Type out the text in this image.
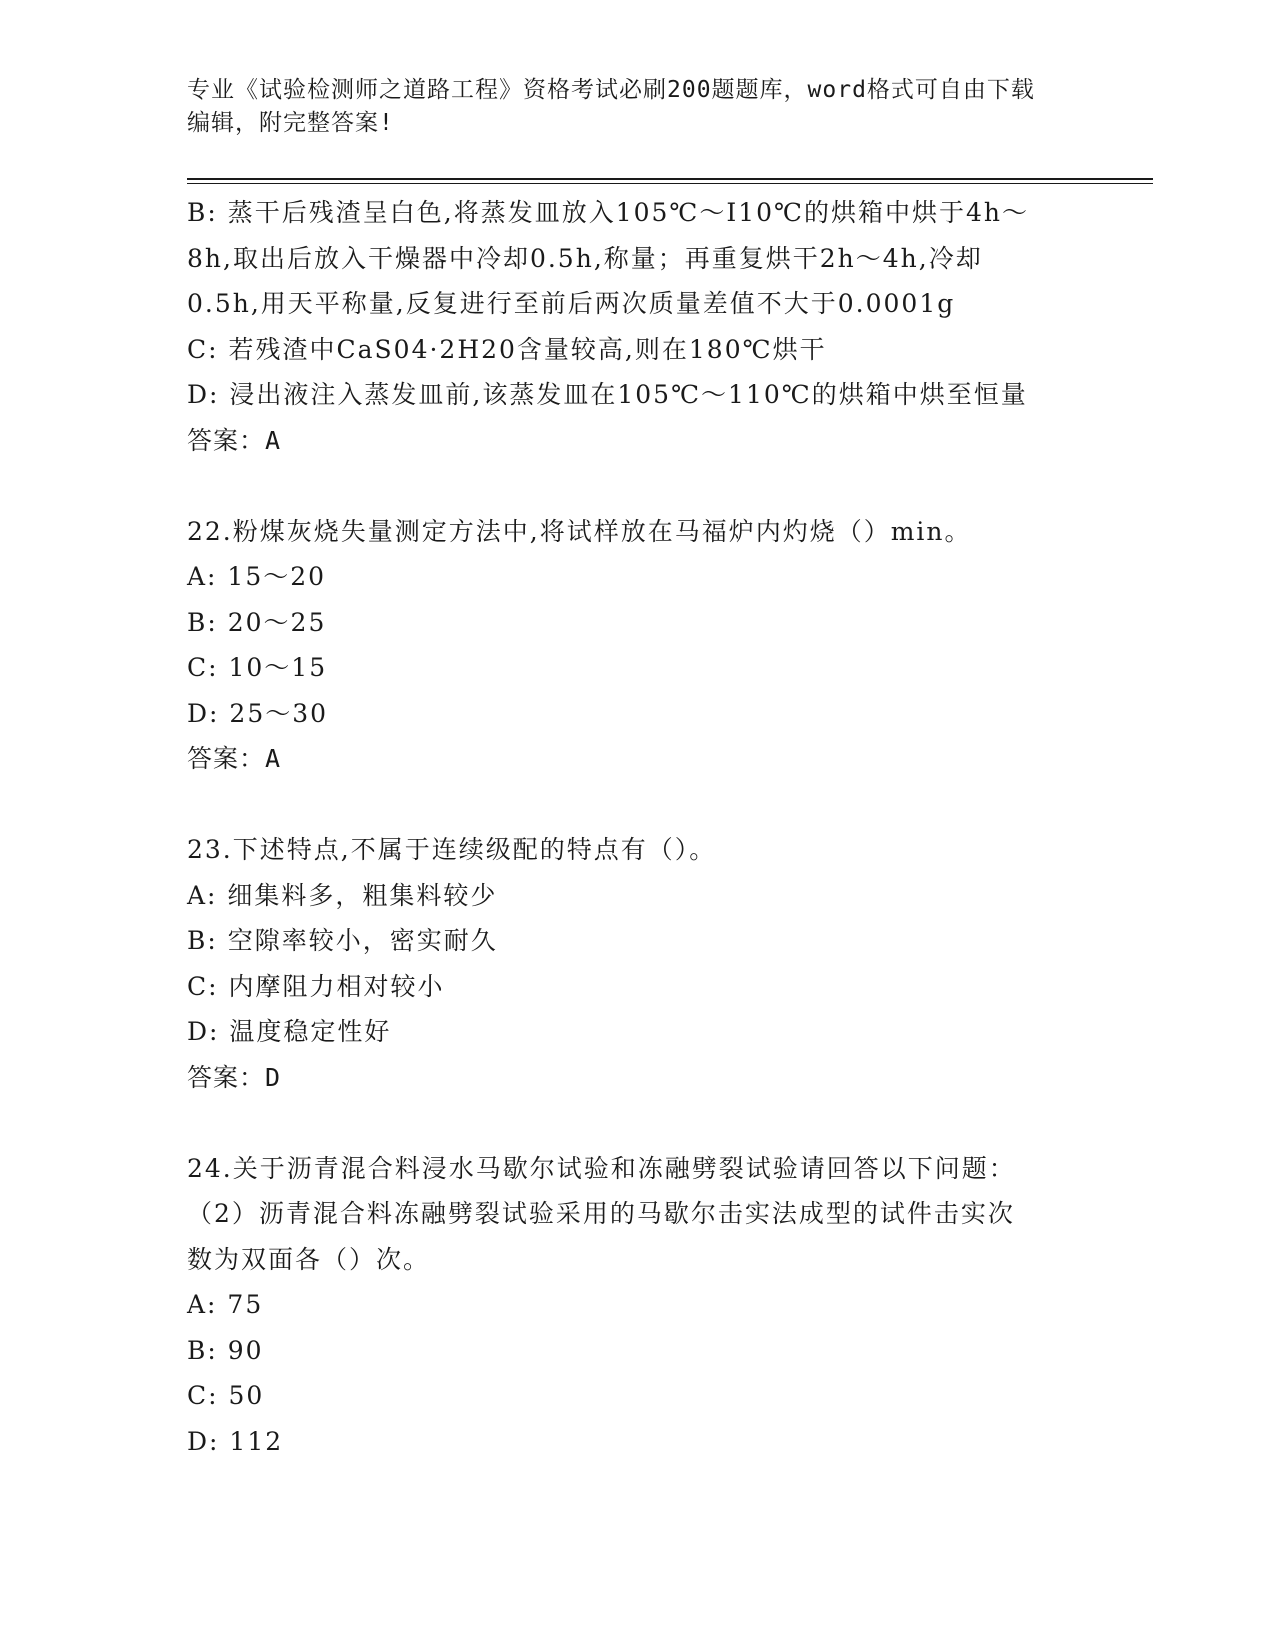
专业《试验检测师之道路工程》资格考试必刷200题题库，word格式可自由下载
编辑，附完整答案!
B: 蒸干后残渣呈白色,将蒸发皿放入105℃～I10℃的烘箱中烘于4h～
8h,取出后放入干燥器中冷却0.5h,称量；再重复烘干2h～4h,冷却
0.5h,用天平称量,反复进行至前后两次质量差值不大于0.0001g
C: 若残渣中CaS04·2H20含量较高,则在180℃烘干
D: 浸出液注入蒸发皿前,该蒸发皿在105℃～110℃的烘箱中烘至恒量
答案：A
22.粉煤灰烧失量测定方法中,将试样放在马福炉内灼烧（）min。
A: 15～20
B: 20～25
C: 10～15
D: 25～30
答案：A
23.下述特点,不属于连续级配的特点有（）。
A: 细集料多，粗集料较少
B: 空隙率较小，密实耐久
C: 内摩阻力相对较小
D: 温度稳定性好
答案：D
24.关于沥青混合料浸水马歇尔试验和冻融劈裂试验请回答以下问题：
（2）沥青混合料冻融劈裂试验采用的马歇尔击实法成型的试件击实次
数为双面各（）次。
A: 75
B: 90
C: 50
D: 112
